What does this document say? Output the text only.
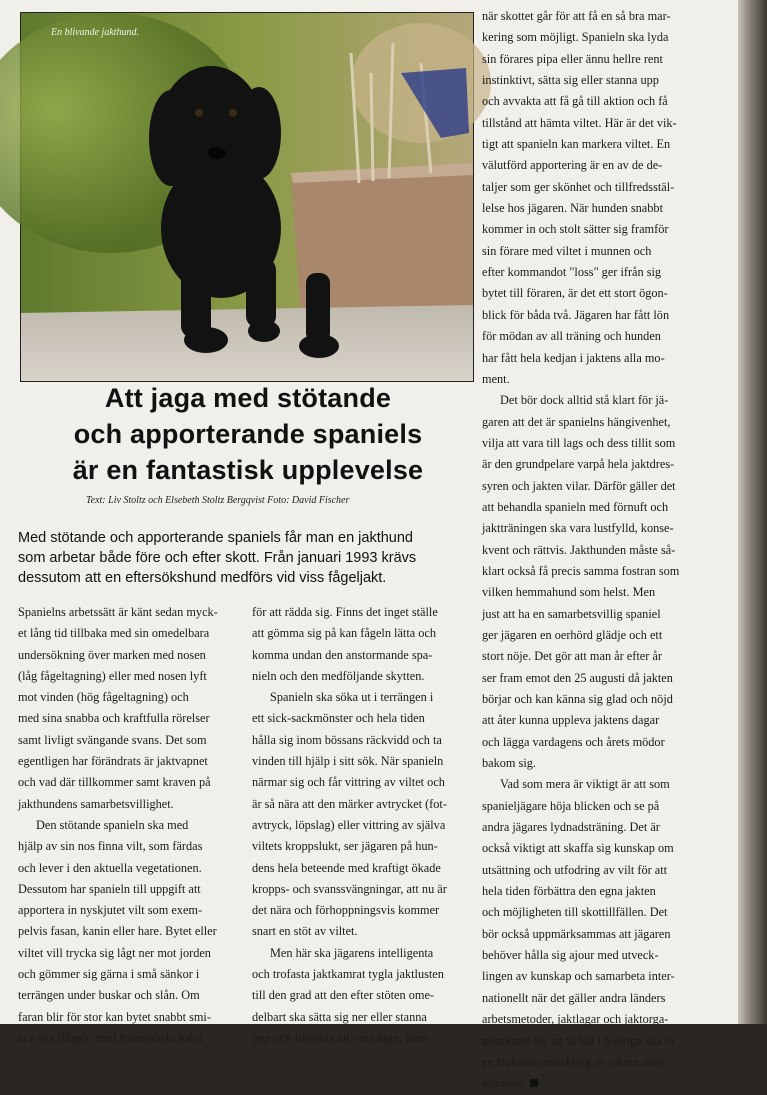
En blivande jakthund.
Att jaga med stötande
och apporterande spaniels
är en fantastisk upplevelse
Text: Liv Stoltz och Elsebeth Stoltz Bergqvist Foto: David Fischer
Med stötande och apporterande spaniels får man en jakthund
som arbetar både före och efter skott. Från januari 1993 krävs
dessutom att en eftersökshund medförs vid viss fågeljakt.
Spanielns arbetssätt är känt sedan myck-
et lång tid tillbaka med sin omedelbara
undersökning över marken med nosen
(låg fågeltagning) eller med nosen lyft
mot vinden (hög fågeltagning) och
med sina snabba och kraftfulla rörelser
samt livligt svängande svans. Det som
egentligen har förändrats är jaktvapnet
och vad där tillkommer samt kraven på
jakthundens samarbetsvillighet.
Den stötande spanieln ska med
hjälp av sin nos finna vilt, som färdas
och lever i den aktuella vegetationen.
Dessutom har spanieln till uppgift att
apportera in nyskjutet vilt som exem-
pelvis fasan, kanin eller hare. Bytet eller
viltet vill trycka sig lågt ner mot jorden
och gömmer sig gärna i små sänkor i
terrängen under buskar och slån. Om
faran blir för stor kan bytet snabbt smi-
ta i väg (fågeln med framsträckt hals)
för att rädda sig. Finns det inget ställe
att gömma sig på kan fågeln lätta och
komma undan den anstormande spa-
nieln och den medföljande skytten.
Spanieln ska söka ut i terrängen i
ett sick-sackmönster och hela tiden
hålla sig inom bössans räckvidd och ta
vinden till hjälp i sitt sök. När spanieln
närmar sig och får vittring av viltet och
är så nära att den märker avtrycket (fot-
avtryck, löpslag) eller vittring av själva
viltets kroppslukt, ser jägaren på hun-
dens hela beteende med kraftigt ökade
kropps- och svanssvängningar, att nu är
det nära och förhoppningsvis kommer
snart en stöt av viltet.
Men här ska jägarens intelligenta
och trofasta jaktkamrat tygla jaktlusten
till den grad att den efter stöten ome-
delbart ska sätta sig ner eller stanna
upp och fortsätta att vara lugn, även
när skottet går för att få en så bra mar-
kering som möjligt. Spanieln ska lyda
sin förares pipa eller ännu hellre rent
instinktivt, sätta sig eller stanna upp
och avvakta att få gå till aktion och få
tillstånd att hämta viltet. Här är det vik-
tigt att spanieln kan markera viltet. En
välutförd apportering är en av de de-
taljer som ger skönhet och tillfredsstäl-
lelse hos jägaren. När hunden snabbt
kommer in och stolt sätter sig framför
sin förare med viltet i munnen och
efter kommandot "loss" ger ifrån sig
bytet till föraren, är det ett stort ögon-
blick för båda två. Jägaren har fått lön
för mödan av all träning och hunden
har fått hela kedjan i jaktens alla mo-
ment.
Det bör dock alltid stå klart för jä-
garen att det är spanielns hängivenhet,
vilja att vara till lags och dess tillit som
är den grundpelare varpå hela jaktdres-
syren och jakten vilar. Därför gäller det
att behandla spanieln med förnuft och
jaktträningen ska vara lustfylld, konse-
kvent och rättvis. Jakthunden måste så-
klart också få precis samma fostran som
vilken hemmahund som helst. Men
just att ha en samarbetsvillig spaniel
ger jägaren en oerhörd glädje och ett
stort nöje. Det gör att man år efter år
ser fram emot den 25 augusti då jakten
börjar och kan känna sig glad och nöjd
att åter kunna uppleva jaktens dagar
och lägga vardagens och årets mödor
bakom sig.
Vad som mera är viktigt är att som
spanieljägare höja blicken och se på
andra jägares lydnadsträning. Det är
också viktigt att skaffa sig kunskap om
utsättning och utfodring av vilt för att
hela tiden förbättra den egna jakten
och möjligheten till skottillfällen. Det
bör också uppmärksammas att jägaren
behöver hålla sig ajour med utveck-
lingen av kunskap och samarbeta inter-
nationellt när det gäller andra länders
arbetsmetoder, jaktlagar och jaktorga-
nisationer för att vi här i Sverige ska få
en fruktbar utveckling av jakten med
spaniels.
